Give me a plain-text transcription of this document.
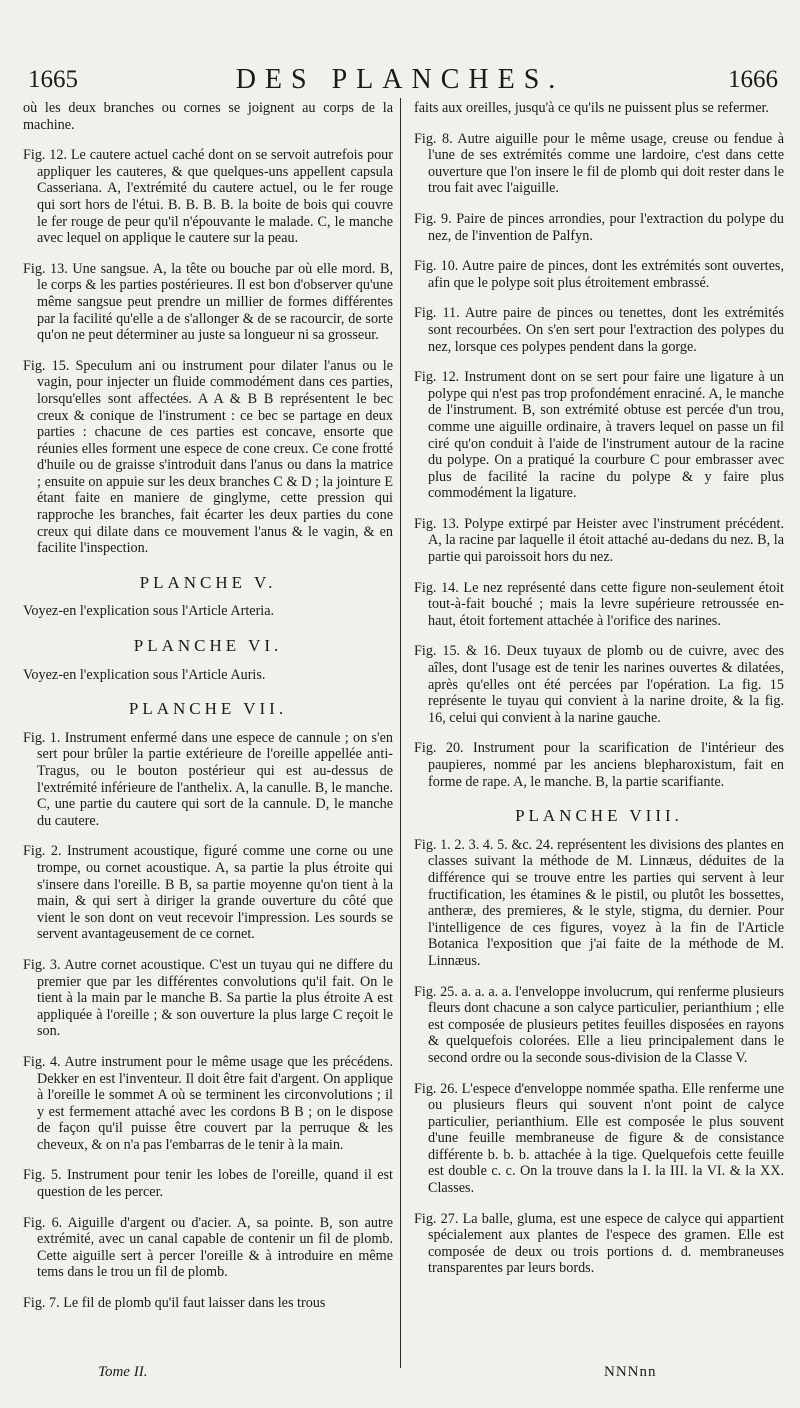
1665	DES PLANCHES.	1666

où les deux branches ou cornes se joignent au corps de la machine.

Fig. 12. Le cautere actuel caché dont on se servoit autrefois pour appliquer les cauteres, & que quelques-uns appellent capsula Casseriana. A, l'extrémité du cautere actuel, ou le fer rouge qui sort hors de l'étui. B. B. B. B. la boite de bois qui couvre le fer rouge de peur qu'il n'épouvante le malade. C, le manche avec lequel on applique le cautere sur la peau.

Fig. 13. Une sangsue. A, la tête ou bouche par où elle mord. B, le corps & les parties postérieures. Il est bon d'observer qu'une même sangsue peut prendre un millier de formes différentes par la facilité qu'elle a de s'allonger & de se racourcir, de sorte qu'on ne peut déterminer au juste sa longueur ni sa grosseur.

Fig. 15. Speculum ani ou instrument pour dilater l'anus ou le vagin, pour injecter un fluide commodément dans ces parties, lorsqu'elles sont affectées. A A & B B représentent le bec creux & conique de l'instrument : ce bec se partage en deux parties : chacune de ces parties est concave, ensorte que réunies elles forment une espece de cone creux. Ce cone frotté d'huile ou de graisse s'introduit dans l'anus ou dans la matrice ; ensuite on appuie sur les deux branches C & D ; la jointure E étant faite en maniere de ginglyme, cette pression qui rapproche les branches, fait écarter les deux parties du cone creux qui dilate dans ce mouvement l'anus & le vagin, & en facilite l'inspection.

PLANCHE V.

Voyez-en l'explication sous l'Article Arteria.

PLANCHE VI.

Voyez-en l'explication sous l'Article Auris.

PLANCHE VII.

Fig. 1. Instrument enfermé dans une espece de cannule ; on s'en sert pour brûler la partie extérieure de l'oreille appellée anti-Tragus, ou le bouton postérieur qui est au-dessus de l'extrémité inférieure de l'anthelix. A, la canulle. B, le manche. C, une partie du cautere qui sort de la cannule. D, le manche du cautere.

Fig. 2. Instrument acoustique, figuré comme une corne ou une trompe, ou cornet acoustique. A, sa partie la plus étroite qui s'insere dans l'oreille. B B, sa partie moyenne qu'on tient à la main, & qui sert à diriger la grande ouverture du côté que vient le son dont on veut recevoir l'impression. Les sourds se servent avantageusement de ce cornet.

Fig. 3. Autre cornet acoustique. C'est un tuyau qui ne differe du premier que par les différentes convolutions qu'il fait. On le tient à la main par le manche B. Sa partie la plus étroite A est appliquée à l'oreille ; & son ouverture la plus large C reçoit le son.

Fig. 4. Autre instrument pour le même usage que les précédens. Dekker en est l'inventeur. Il doit être fait d'argent. On applique à l'oreille le sommet A où se terminent les circonvolutions ; il y est fermement attaché avec les cordons B B ; on le dispose de façon qu'il puisse être couvert par la perruque & les cheveux, & on n'a pas l'embarras de le tenir à la main.

Fig. 5. Instrument pour tenir les lobes de l'oreille, quand il est question de les percer.

Fig. 6. Aiguille d'argent ou d'acier. A, sa pointe. B, son autre extrémité, avec un canal capable de contenir un fil de plomb. Cette aiguille sert à percer l'oreille & à introduire en même tems dans le trou un fil de plomb.

Fig. 7. Le fil de plomb qu'il faut laisser dans les trous

faits aux oreilles, jusqu'à ce qu'ils ne puissent plus se refermer.

Fig. 8. Autre aiguille pour le même usage, creuse ou fendue à l'une de ses extrémités comme une lardoire, c'est dans cette ouverture que l'on insere le fil de plomb qui doit rester dans le trou fait avec l'aiguille.

Fig. 9. Paire de pinces arrondies, pour l'extraction du polype du nez, de l'invention de Palfyn.

Fig. 10. Autre paire de pinces, dont les extrémités sont ouvertes, afin que le polype soit plus étroitement embrassé.

Fig. 11. Autre paire de pinces ou tenettes, dont les extrémités sont recourbées. On s'en sert pour l'extraction des polypes du nez, lorsque ces polypes pendent dans la gorge.

Fig. 12. Instrument dont on se sert pour faire une ligature à un polype qui n'est pas trop profondément enraciné. A, le manche de l'instrument. B, son extrémité obtuse est percée d'un trou, comme une aiguille ordinaire, à travers lequel on passe un fil ciré qu'on conduit à l'aide de l'instrument autour de la racine du polype. On a pratiqué la courbure C pour embrasser avec plus de facilité la racine du polype & y faire plus commodément la ligature.

Fig. 13. Polype extirpé par Heister avec l'instrument précédent. A, la racine par laquelle il étoit attaché au-dedans du nez. B, la partie qui paroissoit hors du nez.

Fig. 14. Le nez représenté dans cette figure non-seulement étoit tout-à-fait bouché ; mais la levre supérieure retroussée en-haut, étoit fortement attachée à l'orifice des narines.

Fig. 15. & 16. Deux tuyaux de plomb ou de cuivre, avec des aîles, dont l'usage est de tenir les narines ouvertes & dilatées, après qu'elles ont été percées par l'opération. La fig. 15 représente le tuyau qui convient à la narine droite, & la fig. 16, celui qui convient à la narine gauche.

Fig. 20. Instrument pour la scarification de l'intérieur des paupieres, nommé par les anciens blepharoxistum, fait en forme de rape. A, le manche. B, la partie scarifiante.

PLANCHE VIII.

Fig. 1. 2. 3. 4. 5. &c. 24. représentent les divisions des plantes en classes suivant la méthode de M. Linnæus, déduites de la différence qui se trouve entre les parties qui servent à leur fructification, les étamines & le pistil, ou plutôt les bossettes, antheræ, des premieres, & le style, stigma, du dernier. Pour l'intelligence de ces figures, voyez à la fin de l'Article Botanica l'exposition que j'ai faite de la méthode de M. Linnæus.

Fig. 25. a. a. a. a. l'enveloppe involucrum, qui renferme plusieurs fleurs dont chacune a son calyce particulier, perianthium ; elle est composée de plusieurs petites feuilles disposées en rayons & quelquefois colorées. Elle a lieu principalement dans le second ordre ou la seconde sous-division de la Classe V.

Fig. 26. L'espece d'enveloppe nommée spatha. Elle renferme une ou plusieurs fleurs qui souvent n'ont point de calyce particulier, perianthium. Elle est composée le plus souvent d'une feuille membraneuse de figure & de consistance différente b. b. b. attachée à la tige. Quelquefois cette feuille est double c. c. On la trouve dans la I. la III. la VI. & la XX. Classes.

Fig. 27. La balle, gluma, est une espece de calyce qui appartient spécialement aux plantes de l'espece des gramen. Elle est composée de deux ou trois portions d. d. membraneuses transparentes par leurs bords.

Tome II.	NNNnn
